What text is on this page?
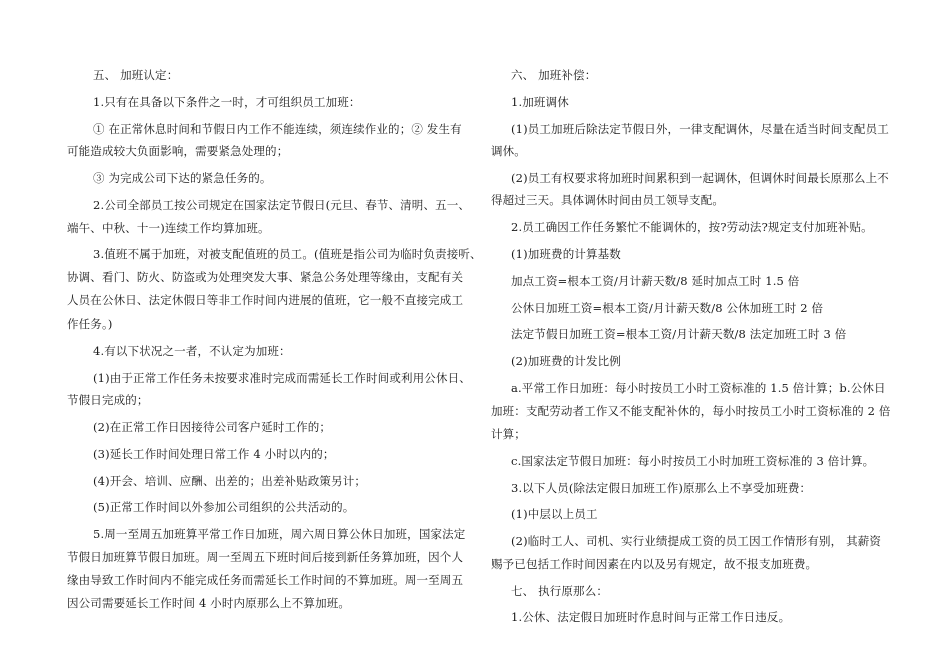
五、 加班认定：
1.只有在具备以下条件之一时，才可组织员工加班：
① 在正常休息时间和节假日内工作不能连续，须连续作业的；② 发生有
可能造成较大负面影响，需要紧急处理的；
③ 为完成公司下达的紧急任务的。
2.公司全部员工按公司规定在国家法定节假日(元旦、春节、清明、五一、
端午、中秋、十一)连续工作均算加班。
3.值班不属于加班，对被支配值班的员工。(值班是指公司为临时负责接听、
协调、看门、防火、防盗或为处理突发大事、紧急公务处理等缘由，支配有关
人员在公休日、法定休假日等非工作时间内进展的值班，它一般不直接完成工
作任务。)
4.有以下状况之一者，不认定为加班：
(1)由于正常工作任务未按要求准时完成而需延长工作时间或利用公休日、
节假日完成的；
(2)在正常工作日因接待公司客户延时工作的；
(3)延长工作时间处理日常工作 4 小时以内的；
(4)开会、培训、应酬、出差的；出差补贴政策另计；
(5)正常工作时间以外参加公司组织的公共活动的。
5.周一至周五加班算平常工作日加班，周六周日算公休日加班，国家法定
节假日加班算节假日加班。周一至周五下班时间后接到新任务算加班，因个人
缘由导致工作时间内不能完成任务而需延长工作时间的不算加班。周一至周五
因公司需要延长工作时间 4 小时内原那么上不算加班。
六、 加班补偿：
1.加班调休
(1)员工加班后除法定节假日外，一律支配调休，尽量在适当时间支配员工
调休。
(2)员工有权要求将加班时间累积到一起调休，但调休时间最长原那么上不
得超过三天。具体调休时间由员工领导支配。
2.员工确因工作任务繁忙不能调休的，按?劳动法?规定支付加班补贴。
(1)加班费的计算基数
加点工资=根本工资/月计薪天数/8 延时加点工时 1.5 倍
公休日加班工资=根本工资/月计薪天数/8 公休加班工时 2 倍
法定节假日加班工资=根本工资/月计薪天数/8 法定加班工时 3 倍
(2)加班费的计发比例
a.平常工作日加班：每小时按员工小时工资标准的 1.5 倍计算；b.公休日
加班：支配劳动者工作又不能支配补休的，每小时按员工小时工资标准的 2 倍
计算；
c.国家法定节假日加班：每小时按员工小时加班工资标准的 3 倍计算。
3.以下人员(除法定假日加班工作)原那么上不享受加班费：
(1)中层以上员工
(2)临时工人、司机、实行业绩提成工资的员工因工作情形有别， 其薪资
赐予已包括工作时间因素在内以及另有规定，故不报支加班费。
七、 执行原那么：
1.公休、法定假日加班时作息时间与正常工作日违反。
